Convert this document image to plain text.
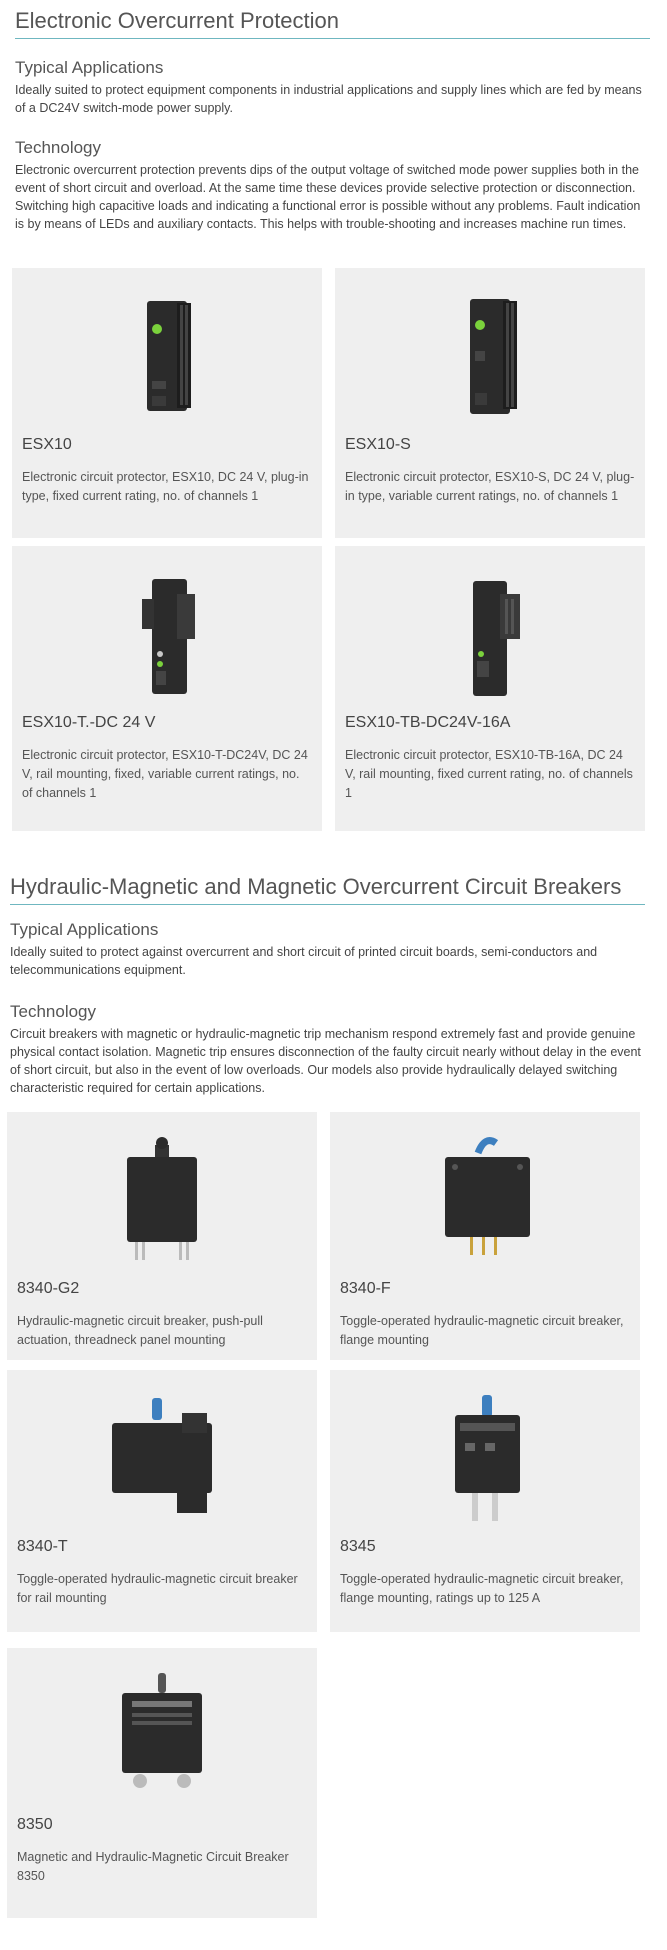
Electronic Overcurrent Protection
Typical Applications

Ideally suited to protect equipment components in industrial applications and supply lines which are fed by means of a DC24V switch-mode power supply.

Technology

Electronic overcurrent protection prevents dips of the output voltage of switched mode power supplies both in the event of short circuit and overload. At the same time these devices provide selective protection or disconnection. Switching high capacitive loads and indicating a functional error is possible without any problems. Fault indication is by means of LEDs and auxiliary contacts. This helps with trouble-shooting and increases machine run times.

ESX10
Electronic circuit protector, ESX10, DC 24 V, plug-in type, fixed current rating, no. of channels 1
ESX10-S
Electronic circuit protector, ESX10-S, DC 24 V, plug-in type, variable current ratings, no. of channels 1
ESX10-T.-DC 24 V
Electronic circuit protector, ESX10-T-DC24V, DC 24 V, rail mounting, fixed, variable current ratings, no. of channels 1
ESX10-TB-DC24V-16A
Electronic circuit protector, ESX10-TB-16A, DC 24 V, rail mounting, fixed current rating, no. of channels 1
Hydraulic-Magnetic and Magnetic Overcurrent Circuit Breakers
Typical Applications

Ideally suited to protect against overcurrent and short circuit of printed circuit boards, semi-conductors and telecommunications equipment.

Technology

Circuit breakers with magnetic or hydraulic-magnetic trip mechanism respond extremely fast and provide genuine physical contact isolation. Magnetic trip ensures disconnection of the faulty circuit nearly without delay in the event of short circuit, but also in the event of low overloads. Our models also provide hydraulically delayed switching characteristic required for certain applications.

8340-G2
Hydraulic-magnetic circuit breaker, push-pull actuation, threadneck panel mounting
8340-F
Toggle-operated hydraulic-magnetic circuit breaker, flange mounting
8340-T
Toggle-operated hydraulic-magnetic circuit breaker for rail mounting
8345
Toggle-operated hydraulic-magnetic circuit breaker, flange mounting, ratings up to 125 A
8350
Magnetic and Hydraulic-Magnetic Circuit Breaker 8350
